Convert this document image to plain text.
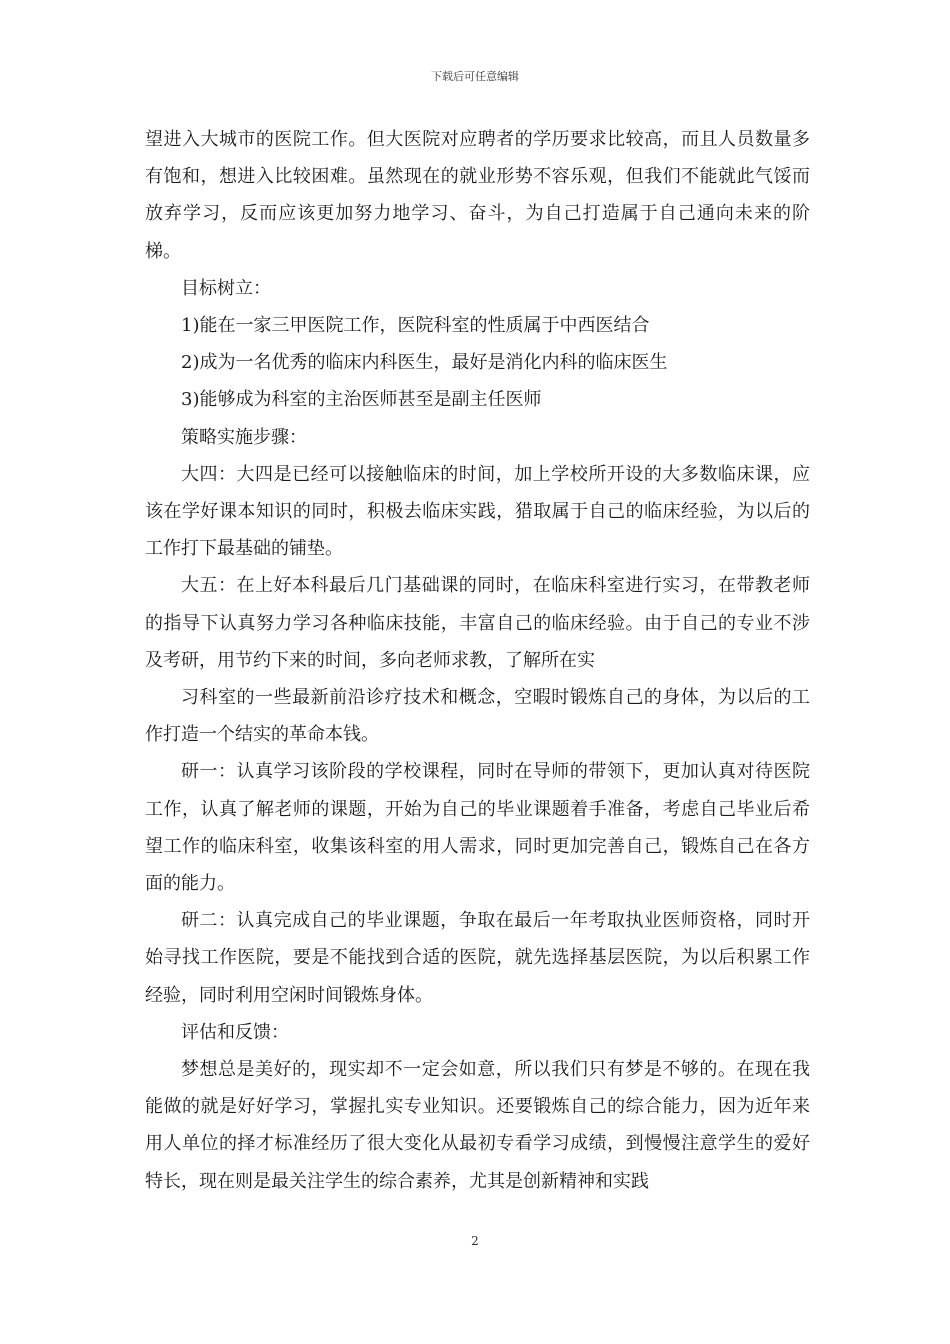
下载后可任意编辑

望进入大城市的医院工作。但大医院对应聘者的学历要求比较高，而且人员数量多有饱和，想进入比较困难。虽然现在的就业形势不容乐观，但我们不能就此气馁而放弃学习，反而应该更加努力地学习、奋斗，为自己打造属于自己通向未来的阶梯。

目标树立：

1)能在一家三甲医院工作，医院科室的性质属于中西医结合

2)成为一名优秀的临床内科医生，最好是消化内科的临床医生

3)能够成为科室的主治医师甚至是副主任医师

策略实施步骤：

大四：大四是已经可以接触临床的时间，加上学校所开设的大多数临床课，应该在学好课本知识的同时，积极去临床实践，猎取属于自己的临床经验，为以后的工作打下最基础的铺垫。

大五：在上好本科最后几门基础课的同时，在临床科室进行实习，在带教老师的指导下认真努力学习各种临床技能，丰富自己的临床经验。由于自己的专业不涉及考研，用节约下来的时间，多向老师求教，了解所在实

习科室的一些最新前沿诊疗技术和概念，空暇时锻炼自己的身体，为以后的工作打造一个结实的革命本钱。

研一：认真学习该阶段的学校课程，同时在导师的带领下，更加认真对待医院工作，认真了解老师的课题，开始为自己的毕业课题着手准备，考虑自己毕业后希望工作的临床科室，收集该科室的用人需求，同时更加完善自己，锻炼自己在各方面的能力。

研二：认真完成自己的毕业课题，争取在最后一年考取执业医师资格，同时开始寻找工作医院，要是不能找到合适的医院，就先选择基层医院，为以后积累工作经验，同时利用空闲时间锻炼身体。

评估和反馈：

梦想总是美好的，现实却不一定会如意，所以我们只有梦是不够的。在现在我能做的就是好好学习，掌握扎实专业知识。还要锻炼自己的综合能力，因为近年来用人单位的择才标准经历了很大变化从最初专看学习成绩，到慢慢注意学生的爱好特长，现在则是最关注学生的综合素养，尤其是创新精神和实践

2
